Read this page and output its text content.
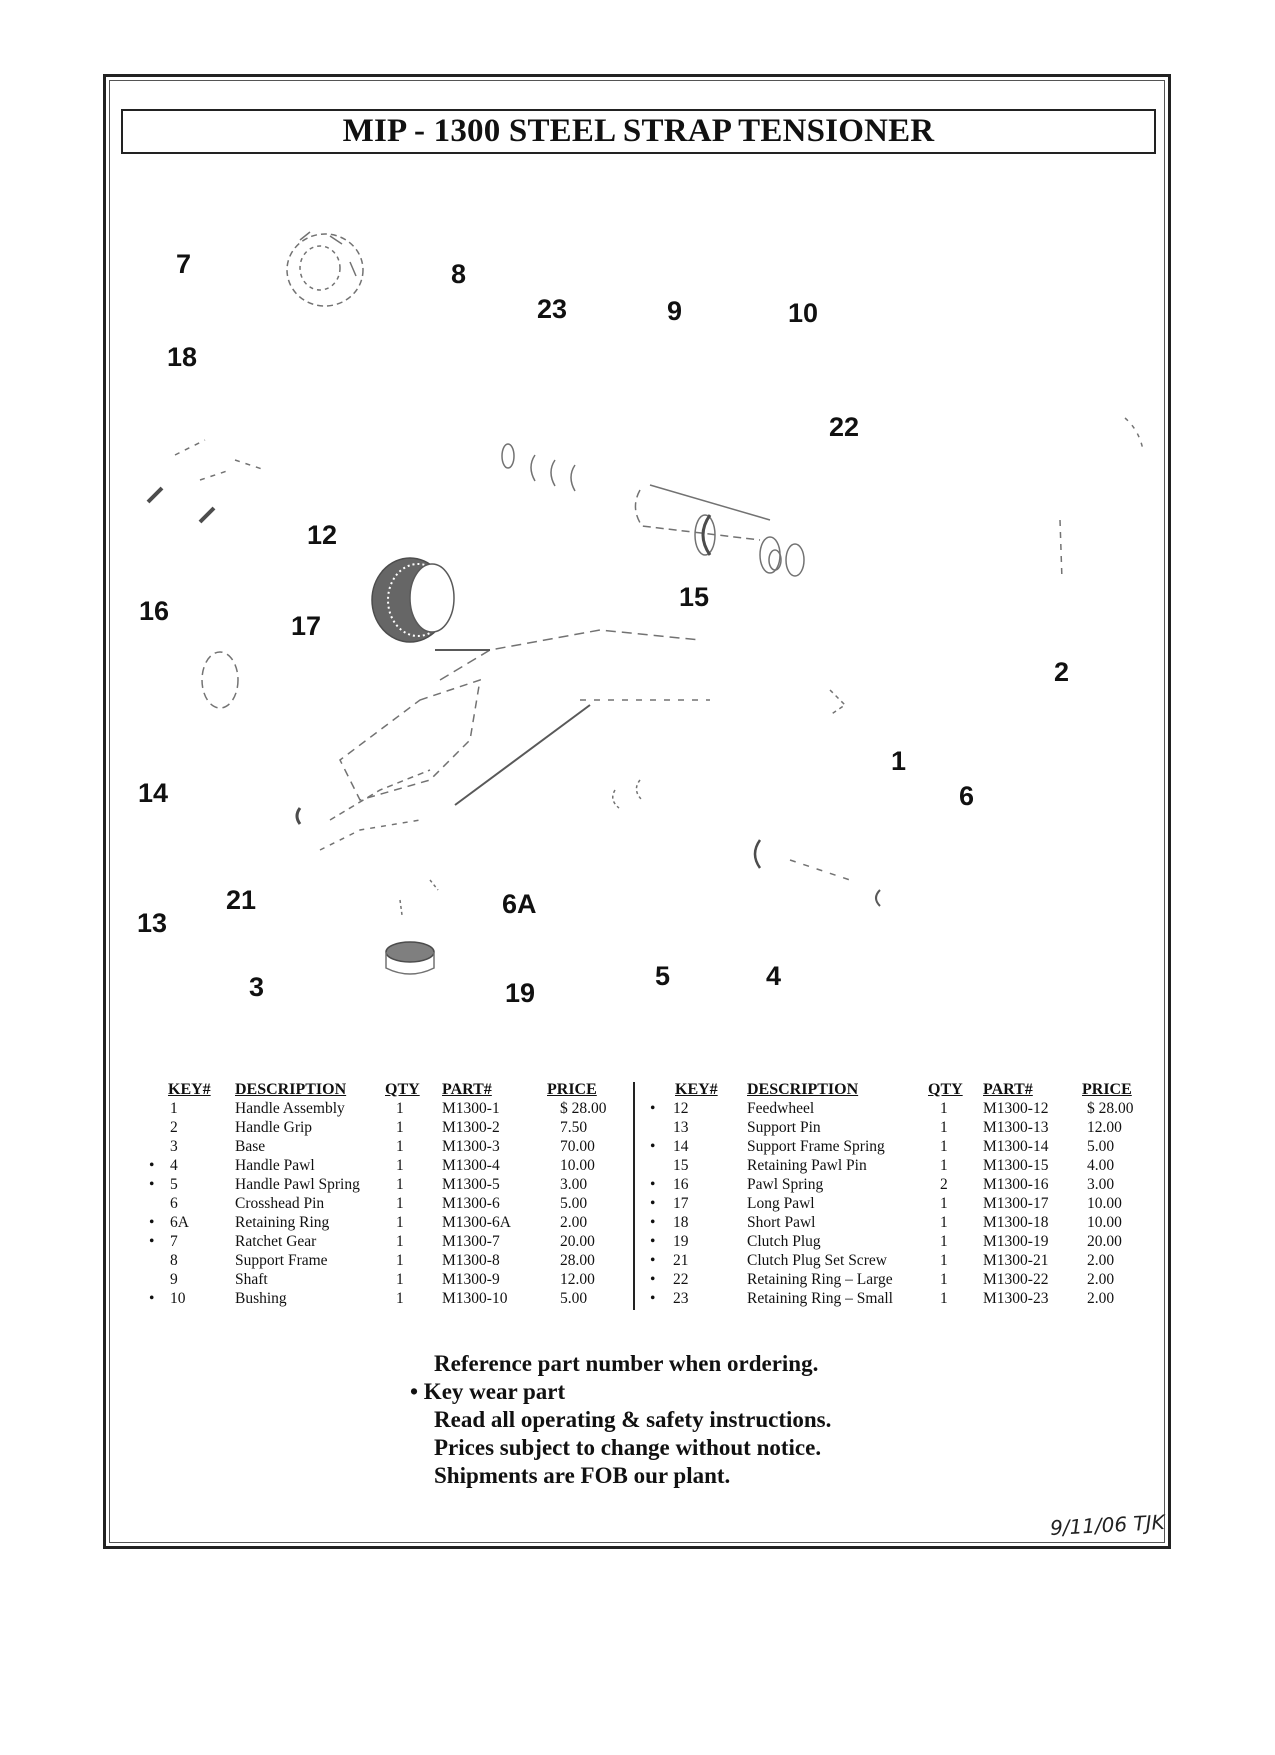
MIP - 1300 STEEL STRAP TENSIONER
7	8
23	9	10
18
22
12
16	17
15
2
1
14	6
21	6A
13
3	19
5	4
KEY# DESCRIPTION QTY PART#	PRICE
1	Handle Assembly	1 M1300-1	$ 28.00
2	Handle Grip	1 M1300-2	7.50
3	Base	1 M1300-3	70.00
• 4	Handle Pawl	1 M1300-4	10.00
• 5	Handle Pawl Spring 1 M1300-5	3.00
6	Crosshead Pin	1 M1300-6	5.00
• 6A	Retaining Ring	1 M1300-6A	2.00
• 7	Ratchet Gear	1 M1300-7	20.00
8	Support Frame	1 M1300-8	28.00
9	Shaft	1 M1300-9	12.00
• 10	Bushing	1 M1300-10	5.00
KEY# DESCRIPTION	QTY PART#	PRICE
• 12	Feedwheel	1 M1300-12 $ 28.00
13	Support Pin	1 M1300-13 12.00
• 14	Support Frame Spring	1 M1300-14 5.00
15	Retaining Pawl Pin	1 M1300-15 4.00
• 16	Pawl Spring	2 M1300-16 3.00
• 17	Long Pawl	1 M1300-17 10.00
• 18	Short Pawl	1 M1300-18 10.00
• 19	Clutch Plug	1 M1300-19 20.00
• 21	Clutch Plug Set Screw	1 M1300-21 2.00
• 22	Retaining Ring – Large	1 M1300-22 2.00
• 23	Retaining Ring – Small	1 M1300-23 2.00
Reference part number when ordering.
• Key wear part
Read all operating & safety instructions.
Prices subject to change without notice.
Shipments are FOB our plant.
9/11/06 TJK
